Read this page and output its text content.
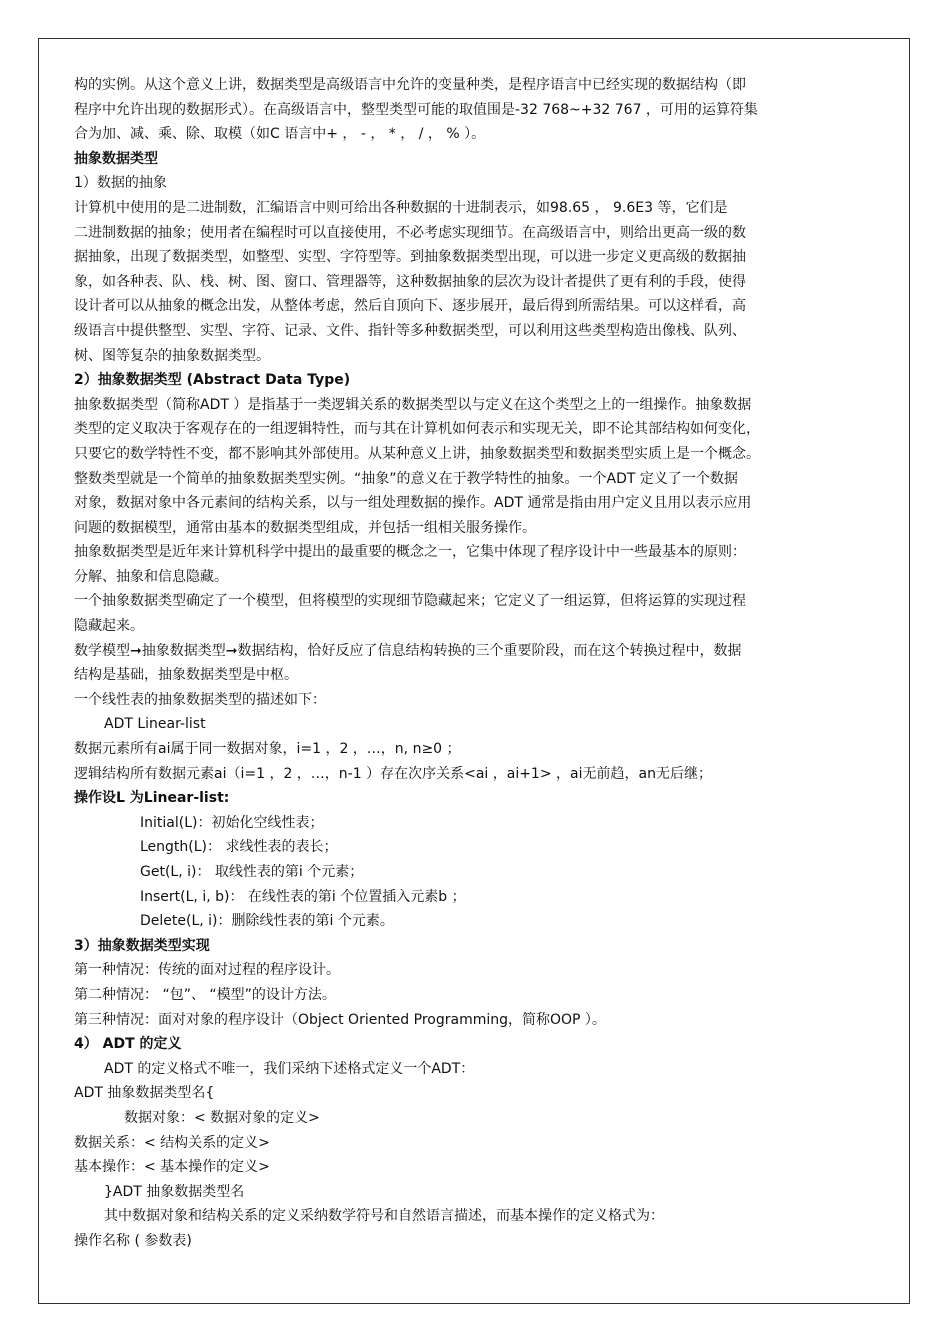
构的实例。从这个意义上讲，数据类型是高级语言中允许的变量种类，是程序语言中已经实现的数据结构（即
程序中允许出现的数据形式）。在高级语言中，整型类型可能的取值围是-32 768~+32 767 ，可用的运算符集
合为加、减、乘、除、取模（如C 语言中+ ， - ， * ， / ， % ）。
抽象数据类型
1）数据的抽象
计算机中使用的是二进制数，汇编语言中则可给出各种数据的十进制表示，如98.65 ， 9.6E3 等，它们是
二进制数据的抽象；使用者在编程时可以直接使用，不必考虑实现细节。在高级语言中，则给出更高一级的数
据抽象，出现了数据类型，如整型、实型、字符型等。到抽象数据类型出现，可以进一步定义更高级的数据抽
象，如各种表、队、栈、树、图、窗口、管理器等，这种数据抽象的层次为设计者提供了更有利的手段，使得
设计者可以从抽象的概念出发，从整体考虑，然后自顶向下、逐步展开，最后得到所需结果。可以这样看，高
级语言中提供整型、实型、字符、记录、文件、指针等多种数据类型，可以利用这些类型构造出像栈、队列、
树、图等复杂的抽象数据类型。
2）抽象数据类型 (Abstract Data Type)
抽象数据类型（简称ADT ）是指基于一类逻辑关系的数据类型以与定义在这个类型之上的一组操作。抽象数据
类型的定义取决于客观存在的一组逻辑特性，而与其在计算机如何表示和实现无关，即不论其部结构如何变化，
只要它的数学特性不变，都不影响其外部使用。从某种意义上讲，抽象数据类型和数据类型实质上是一个概念。
整数类型就是一个简单的抽象数据类型实例。“抽象”的意义在于教学特性的抽象。一个ADT 定义了一个数据
对象，数据对象中各元素间的结构关系，以与一组处理数据的操作。ADT 通常是指由用户定义且用以表示应用
问题的数据模型，通常由基本的数据类型组成，并包括一组相关服务操作。
抽象数据类型是近年来计算机科学中提出的最重要的概念之一，它集中体现了程序设计中一些最基本的原则：
分解、抽象和信息隐藏。
一个抽象数据类型确定了一个模型，但将模型的实现细节隐藏起来；它定义了一组运算，但将运算的实现过程
隐藏起来。
数学模型➞抽象数据类型➞数据结构，恰好反应了信息结构转换的三个重要阶段，而在这个转换过程中，数据
结构是基础，抽象数据类型是中枢。
一个线性表的抽象数据类型的描述如下：
ADT Linear-list
数据元素所有ai属于同一数据对象，i=1 ，2 ，…，n, n≥0 ；
逻辑结构所有数据元素ai（i=1 ，2 ，…，n-1 ）存在次序关系<ai ，ai+1> ，ai无前趋，an无后继；
操作设L 为Linear-list:
Initial(L)：初始化空线性表；
Length(L)： 求线性表的表长；
Get(L, i)： 取线性表的第i 个元素；
Insert(L, i, b)： 在线性表的第i 个位置插入元素b ；
Delete(L, i)：删除线性表的第i 个元素。
3）抽象数据类型实现
第一种情况：传统的面对过程的程序设计。
第二种情况： “包”、 “模型”的设计方法。
第三种情况：面对对象的程序设计（Object Oriented Programming，简称OOP ）。
4） ADT 的定义
ADT 的定义格式不唯一，我们采纳下述格式定义一个ADT：
ADT 抽象数据类型名{
数据对象：< 数据对象的定义>
数据关系：< 结构关系的定义>
基本操作：< 基本操作的定义>
}ADT 抽象数据类型名
其中数据对象和结构关系的定义采纳数学符号和自然语言描述，而基本操作的定义格式为：
操作名称 ( 参数表)
